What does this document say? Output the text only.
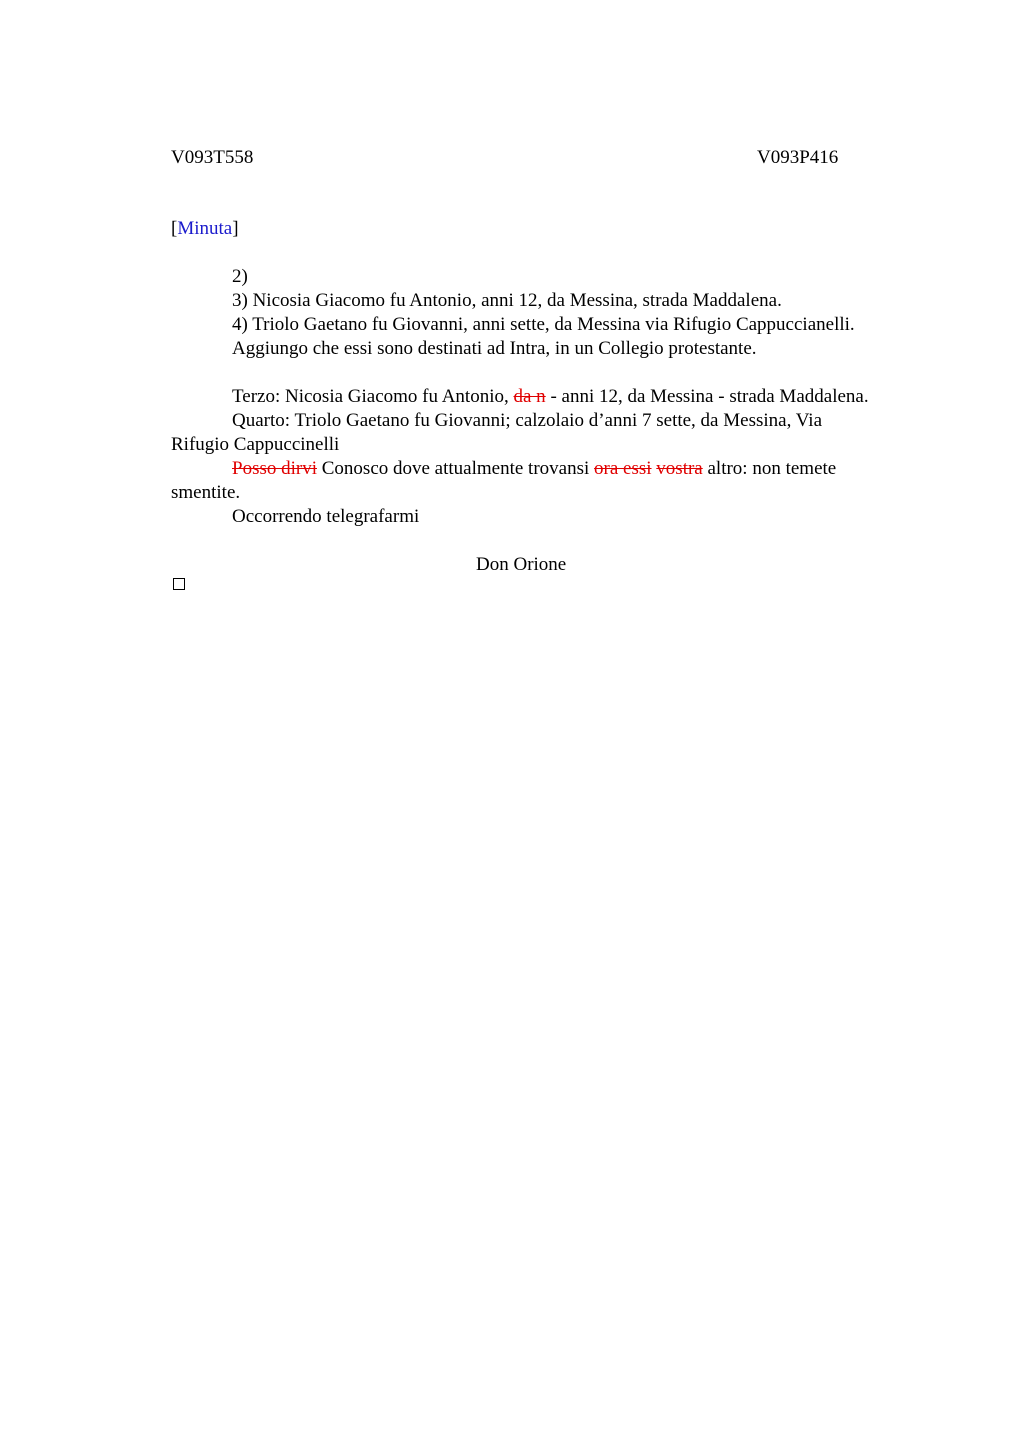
V093T558	V093P416
[Minuta]
2)
3) Nicosia Giacomo fu Antonio, anni 12, da Messina, strada Maddalena.
4) Triolo Gaetano fu Giovanni, anni sette, da Messina via Rifugio Cappuccianelli.
Aggiungo che essi sono destinati ad Intra, in un Collegio protestante.
Terzo: Nicosia Giacomo fu Antonio, da n - anni 12, da Messina - strada Maddalena.
Quarto: Triolo Gaetano fu Giovanni; calzolaio d’anni 7 sette, da Messina, Via
Rifugio Cappuccinelli
Posso dirvi Conosco dove attualmente trovansi ora essi vostra altro: non temete
smentite.
Occorrendo telegrafarmi
Don Orione
